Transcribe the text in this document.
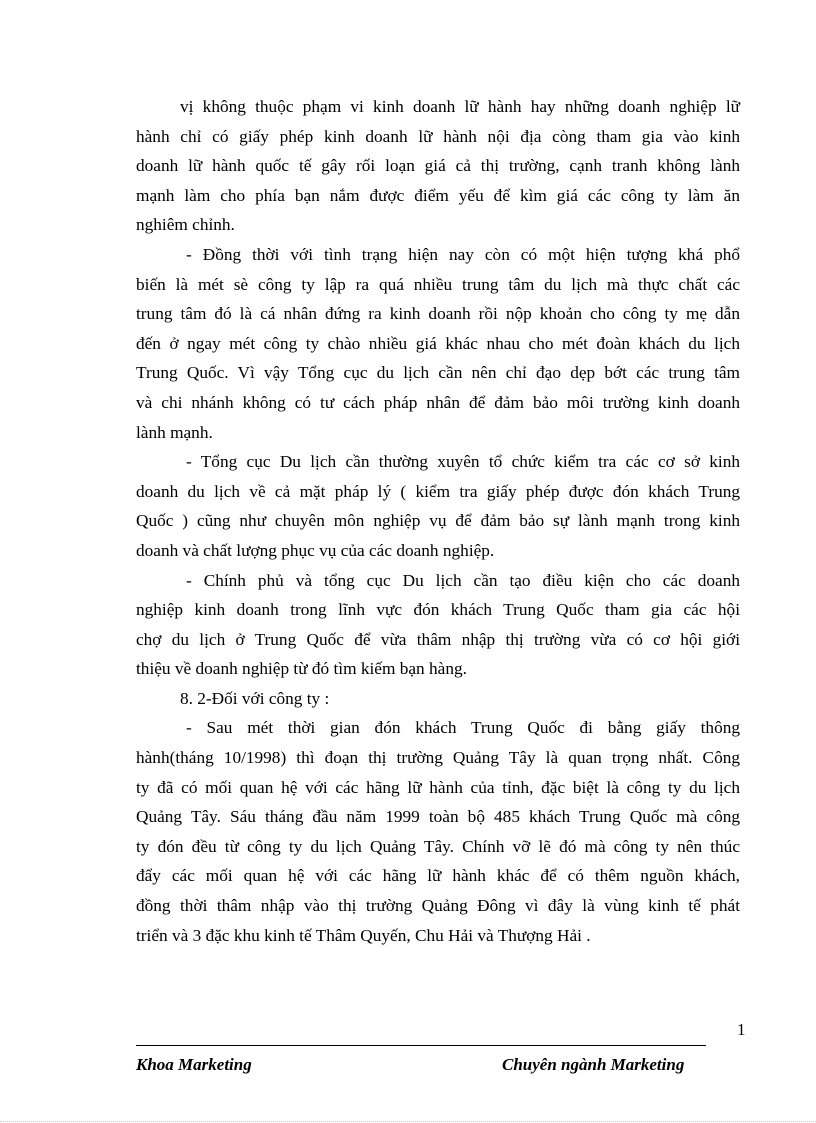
vị không thuộc phạm vi kinh doanh lữ hành hay những doanh nghiệp lữ
hành chỉ có giấy phép kinh doanh lữ hành nội địa còng tham gia vào kinh
doanh lữ hành quốc tế gây rối loạn giá cả thị trường, cạnh tranh không lành
mạnh làm cho phía bạn nắm được điểm yếu để kìm giá các công ty làm ăn
nghiêm chỉnh.
- Đồng thời với tình trạng hiện nay còn có một hiện tượng khá phổ
biến là mét sè công ty lập ra quá nhiều trung tâm du lịch mà thực chất các
trung tâm đó là cá nhân đứng ra kinh doanh rồi nộp khoản cho công ty mẹ dẫn
đến ở ngay mét công ty chào nhiều giá khác nhau cho mét đoàn khách du lịch
Trung Quốc. Vì vậy Tổng cục du lịch cần nên chỉ đạo dẹp bớt các trung tâm
và chi nhánh không có tư cách pháp nhân để đảm bảo môi trường kinh doanh
lành mạnh.
- Tổng cục Du lịch cần thường xuyên tổ chức kiểm tra các cơ sở kinh
doanh du lịch về cả mặt pháp lý ( kiểm tra giấy phép được đón khách Trung
Quốc ) cũng như chuyên môn nghiệp vụ để đảm bảo sự lành mạnh trong kinh
doanh và chất lượng phục vụ của các doanh nghiệp.
- Chính phủ và tổng cục Du lịch cần tạo điều kiện cho các doanh
nghiệp kinh doanh trong lĩnh vực đón khách Trung Quốc tham gia các hội
chợ du lịch ở Trung Quốc để vừa thâm nhập thị trường vừa có cơ hội giới
thiệu về doanh nghiệp từ đó tìm kiếm bạn hàng.
8. 2-Đối với công ty :
- Sau mét thời gian đón khách Trung Quốc đi bằng giấy thông
hành(tháng 10/1998) thì đoạn thị trường Quảng Tây là quan trọng nhất. Công
ty đã có mối quan hệ với các hãng lữ hành của tỉnh, đặc biệt là công ty du lịch
Quảng Tây. Sáu tháng đầu năm 1999 toàn bộ 485 khách Trung Quốc mà công
ty đón đều từ công ty du lịch Quảng Tây. Chính vỡ lẽ đó mà công ty nên thúc
đẩy các mối quan hệ với các hãng lữ hành khác để có thêm nguồn khách,
đồng thời thâm nhập vào thị trường Quảng Đông vì đây là vùng kinh tế phát
triển và 3 đặc khu kinh tế Thâm Quyến, Chu Hải và Thượng Hải .
1
Khoa Marketing	Chuyên ngành Marketing
